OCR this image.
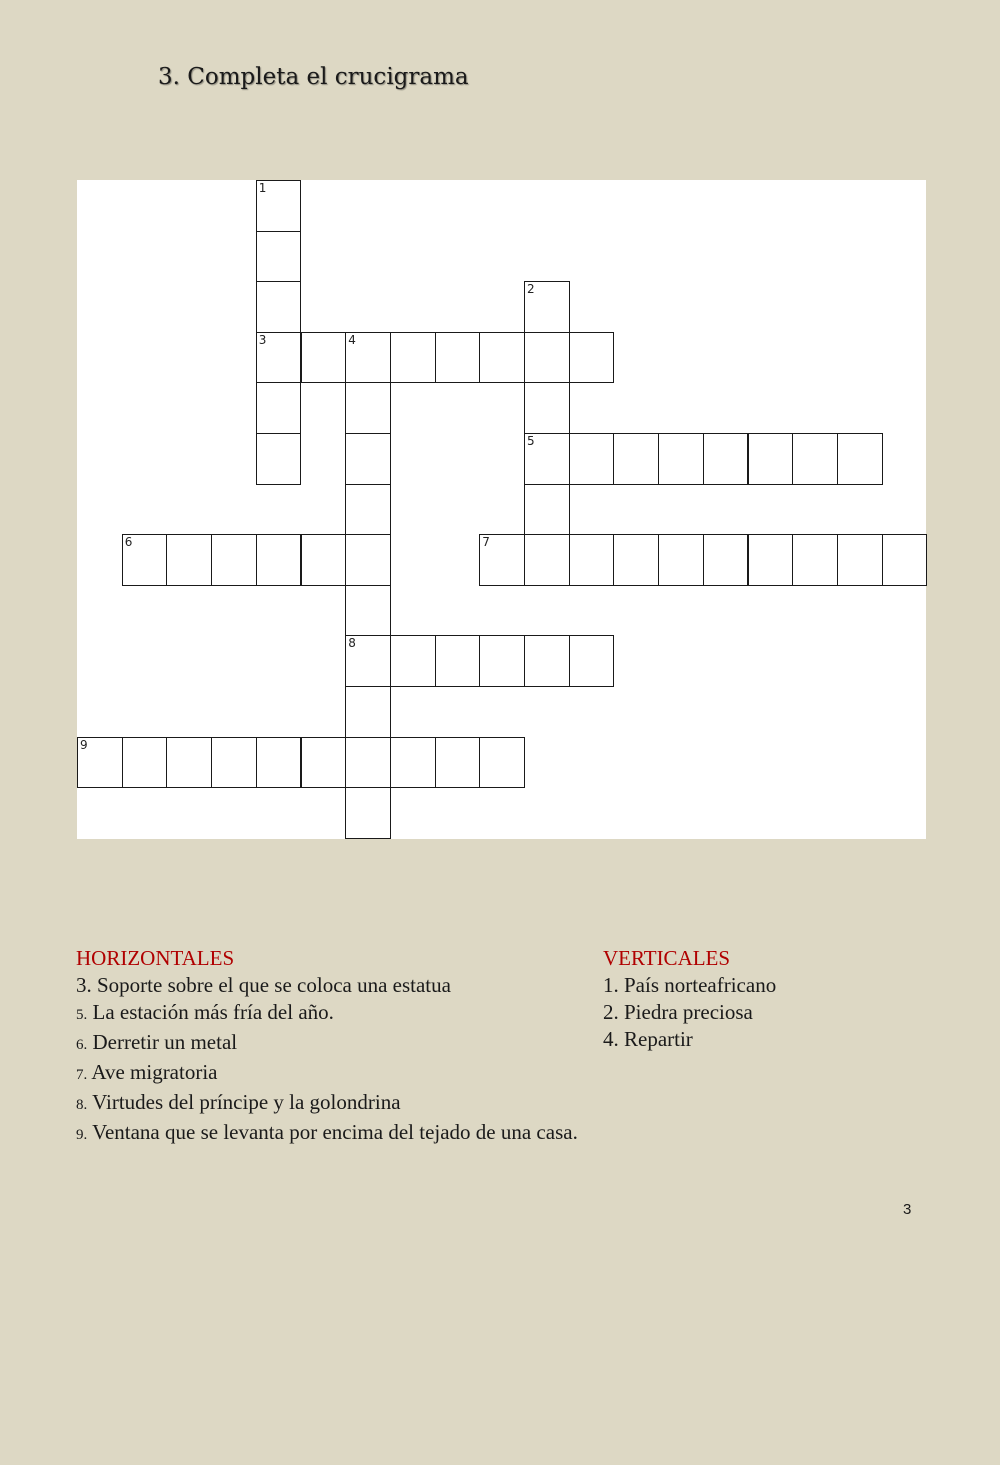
3. Completa el crucigrama
1
3
2
5
4
8
6	7
9
HORIZONTALES
3. Soporte sobre el que se coloca una estatua
5. La estación más fría del año.
6. Derretir un metal
7. Ave migratoria
8. Virtudes del príncipe y la golondrina
9. Ventana que se levanta por encima del tejado de una casa.
VERTICALES
1. País norteafricano
2. Piedra preciosa
4. Repartir
3
